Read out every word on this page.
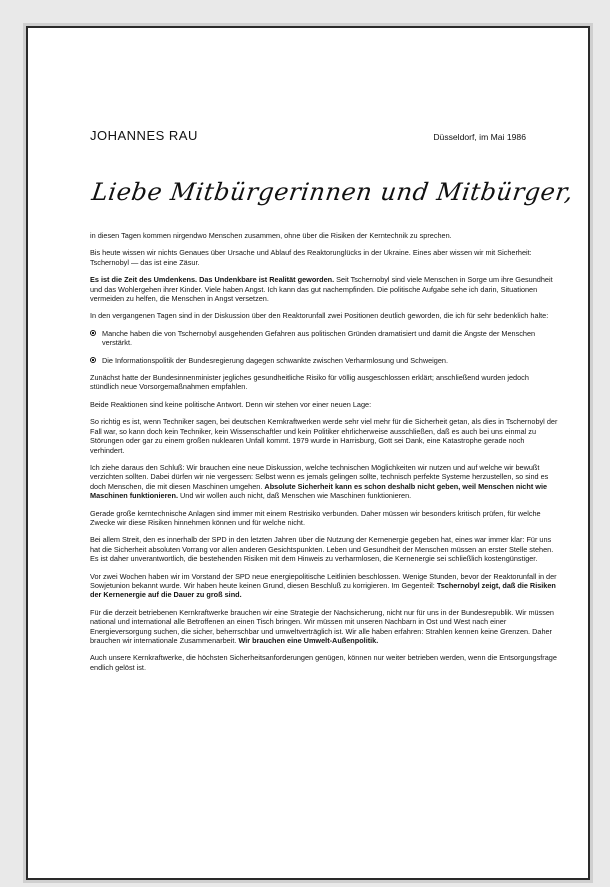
JOHANNES RAU	Düsseldorf, im Mai 1986
Liebe Mitbürgerinnen und Mitbürger,

in diesen Tagen kommen nirgendwo Menschen zusammen, ohne über die Risiken der Kerntechnik zu sprechen.

Bis heute wissen wir nichts Genaues über Ursache und Ablauf des Reaktorunglücks in der Ukraine. Eines aber wissen wir mit Sicherheit: Tschernobyl — das ist eine Zäsur.

Es ist die Zeit des Umdenkens. Das Undenkbare ist Realität geworden. Seit Tschernobyl sind viele Menschen in Sorge um ihre Gesundheit und das Wohlergehen ihrer Kinder. Viele haben Angst. Ich kann das gut nachempfinden. Die politische Aufgabe sehe ich darin, Situationen vermeiden zu helfen, die Menschen in Angst versetzen.

In den vergangenen Tagen sind in der Diskussion über den Reaktorunfall zwei Positionen deutlich geworden, die ich für sehr bedenklich halte:

Manche haben die von Tschernobyl ausgehenden Gefahren aus politischen Gründen dramatisiert und damit die Ängste der Menschen verstärkt.
Die Informationspolitik der Bundesregierung dagegen schwankte zwischen Verharmlosung und Schweigen.

Zunächst hatte der Bundesinnenminister jegliches gesundheitliche Risiko für völlig ausgeschlossen erklärt; anschließend wurden jedoch stündlich neue Vorsorgemaßnahmen empfahlen.

Beide Reaktionen sind keine politische Antwort. Denn wir stehen vor einer neuen Lage:

So richtig es ist, wenn Techniker sagen, bei deutschen Kernkraftwerken werde sehr viel mehr für die Sicherheit getan, als dies in Tschernobyl der Fall war, so kann doch kein Techniker, kein Wissenschaftler und kein Politiker ehrlicherweise ausschließen, daß es auch bei uns einmal zu Störungen oder gar zu einem großen nuklearen Unfall kommt. 1979 wurde in Harrisburg, Gott sei Dank, eine Katastrophe gerade noch verhindert.

Ich ziehe daraus den Schluß: Wir brauchen eine neue Diskussion, welche technischen Möglichkeiten wir nutzen und auf welche wir bewußt verzichten sollten. Dabei dürfen wir nie vergessen: Selbst wenn es jemals gelingen sollte, technisch perfekte Systeme herzustellen, so sind es doch Menschen, die mit diesen Maschinen umgehen. Absolute Sicherheit kann es schon deshalb nicht geben, weil Menschen nicht wie Maschinen funktionieren. Und wir wollen auch nicht, daß Menschen wie Maschinen funktionieren.

Gerade große kerntechnische Anlagen sind immer mit einem Restrisiko verbunden. Daher müssen wir besonders kritisch prüfen, für welche Zwecke wir diese Risiken hinnehmen können und für welche nicht.

Bei allem Streit, den es innerhalb der SPD in den letzten Jahren über die Nutzung der Kernenergie gegeben hat, eines war immer klar: Für uns hat die Sicherheit absoluten Vorrang vor allen anderen Gesichtspunkten. Leben und Gesundheit der Menschen müssen an erster Stelle stehen. Es ist daher unverantwortlich, die bestehenden Risiken mit dem Hinweis zu verharmlosen, die Kernenergie sei schließlich kostengünstiger.

Vor zwei Wochen haben wir im Vorstand der SPD neue energiepolitische Leitlinien beschlossen. Wenige Stunden, bevor der Reaktorunfall in der Sowjetunion bekannt wurde. Wir haben heute keinen Grund, diesen Beschluß zu korrigieren. Im Gegenteil: Tschernobyl zeigt, daß die Risiken der Kernenergie auf die Dauer zu groß sind.

Für die derzeit betriebenen Kernkraftwerke brauchen wir eine Strategie der Nachsicherung, nicht nur für uns in der Bundesrepublik. Wir müssen national und international alle Betroffenen an einen Tisch bringen. Wir müssen mit unseren Nachbarn in Ost und West nach einer Energieversorgung suchen, die sicher, beherrschbar und umweltverträglich ist. Wir alle haben erfahren: Strahlen kennen keine Grenzen. Daher brauchen wir internationale Zusammenarbeit. Wir brauchen eine Umwelt-Außenpolitik.

Auch unsere Kernkraftwerke, die höchsten Sicherheitsanforderungen genügen, können nur weiter betrieben werden, wenn die Entsorgungsfrage endlich gelöst ist.
